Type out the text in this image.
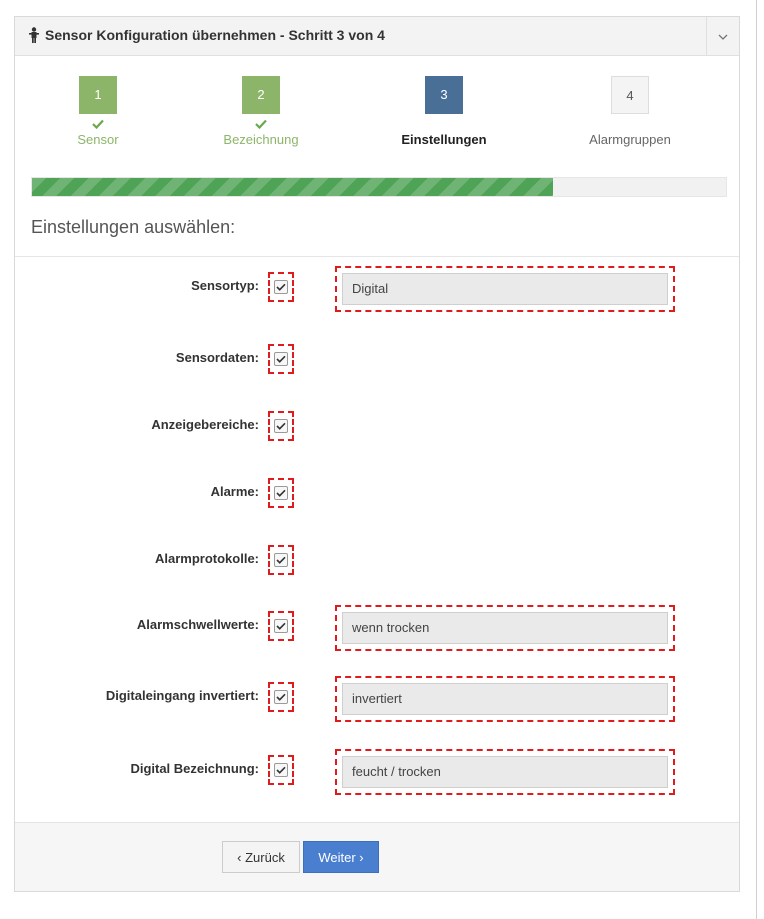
Sensor Konfiguration übernehmen - Schritt 3 von 4
1
Sensor
2
Bezeichnung
3
Einstellungen
4
Alarmgruppen
Einstellungen auswählen:
Sensortyp:	Digital
Sensordaten:
Anzeigebereiche:
Alarme:
Alarmprotokolle:
Alarmschwellwerte:	wenn trocken
Digitaleingang invertiert:	invertiert
Digital Bezeichnung:	feucht / trocken
‹ Zurück	Weiter ›
